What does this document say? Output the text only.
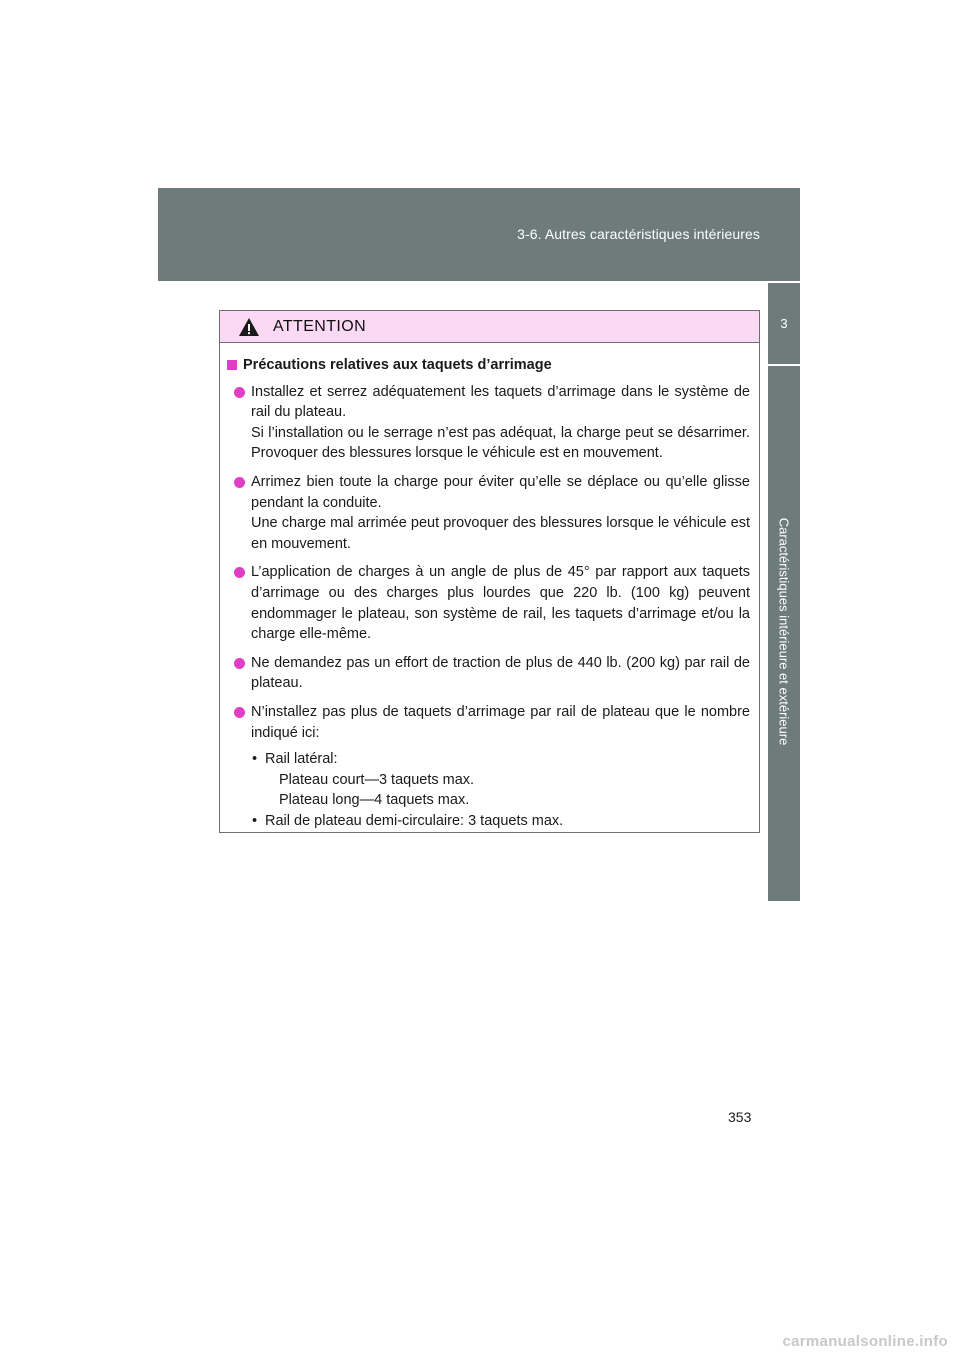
3-6. Autres caractéristiques intérieures
3
Caractéristiques intérieure et extérieure
ATTENTION
Précautions relatives aux taquets d’arrimage

Installez et serrez adéquatement les taquets d’arrimage dans le système de rail du plateau.

Si l’installation ou le serrage n’est pas adéquat, la charge peut se désarrimer. Provoquer des blessures lorsque le véhicule est en mouvement.

Arrimez bien toute la charge pour éviter qu’elle se déplace ou qu’elle glisse pendant la conduite.

Une charge mal arrimée peut provoquer des blessures lorsque le véhicule est en mouvement.

L’application de charges à un angle de plus de 45° par rapport aux taquets d’arrimage ou des charges plus lourdes que 220 lb. (100 kg) peuvent endommager le plateau, son système de rail, les taquets d’arrimage et/ou la charge elle-même.

Ne demandez pas un effort de traction de plus de 440 lb. (200 kg) par rail de plateau.

N’installez pas plus de taquets d’arrimage par rail de plateau que le nombre indiqué ici:

• Rail latéral:
Plateau court—3 taquets max.
Plateau long—4 taquets max.
• Rail de plateau demi-circulaire: 3 taquets max.
353
carmanualsonline.info
